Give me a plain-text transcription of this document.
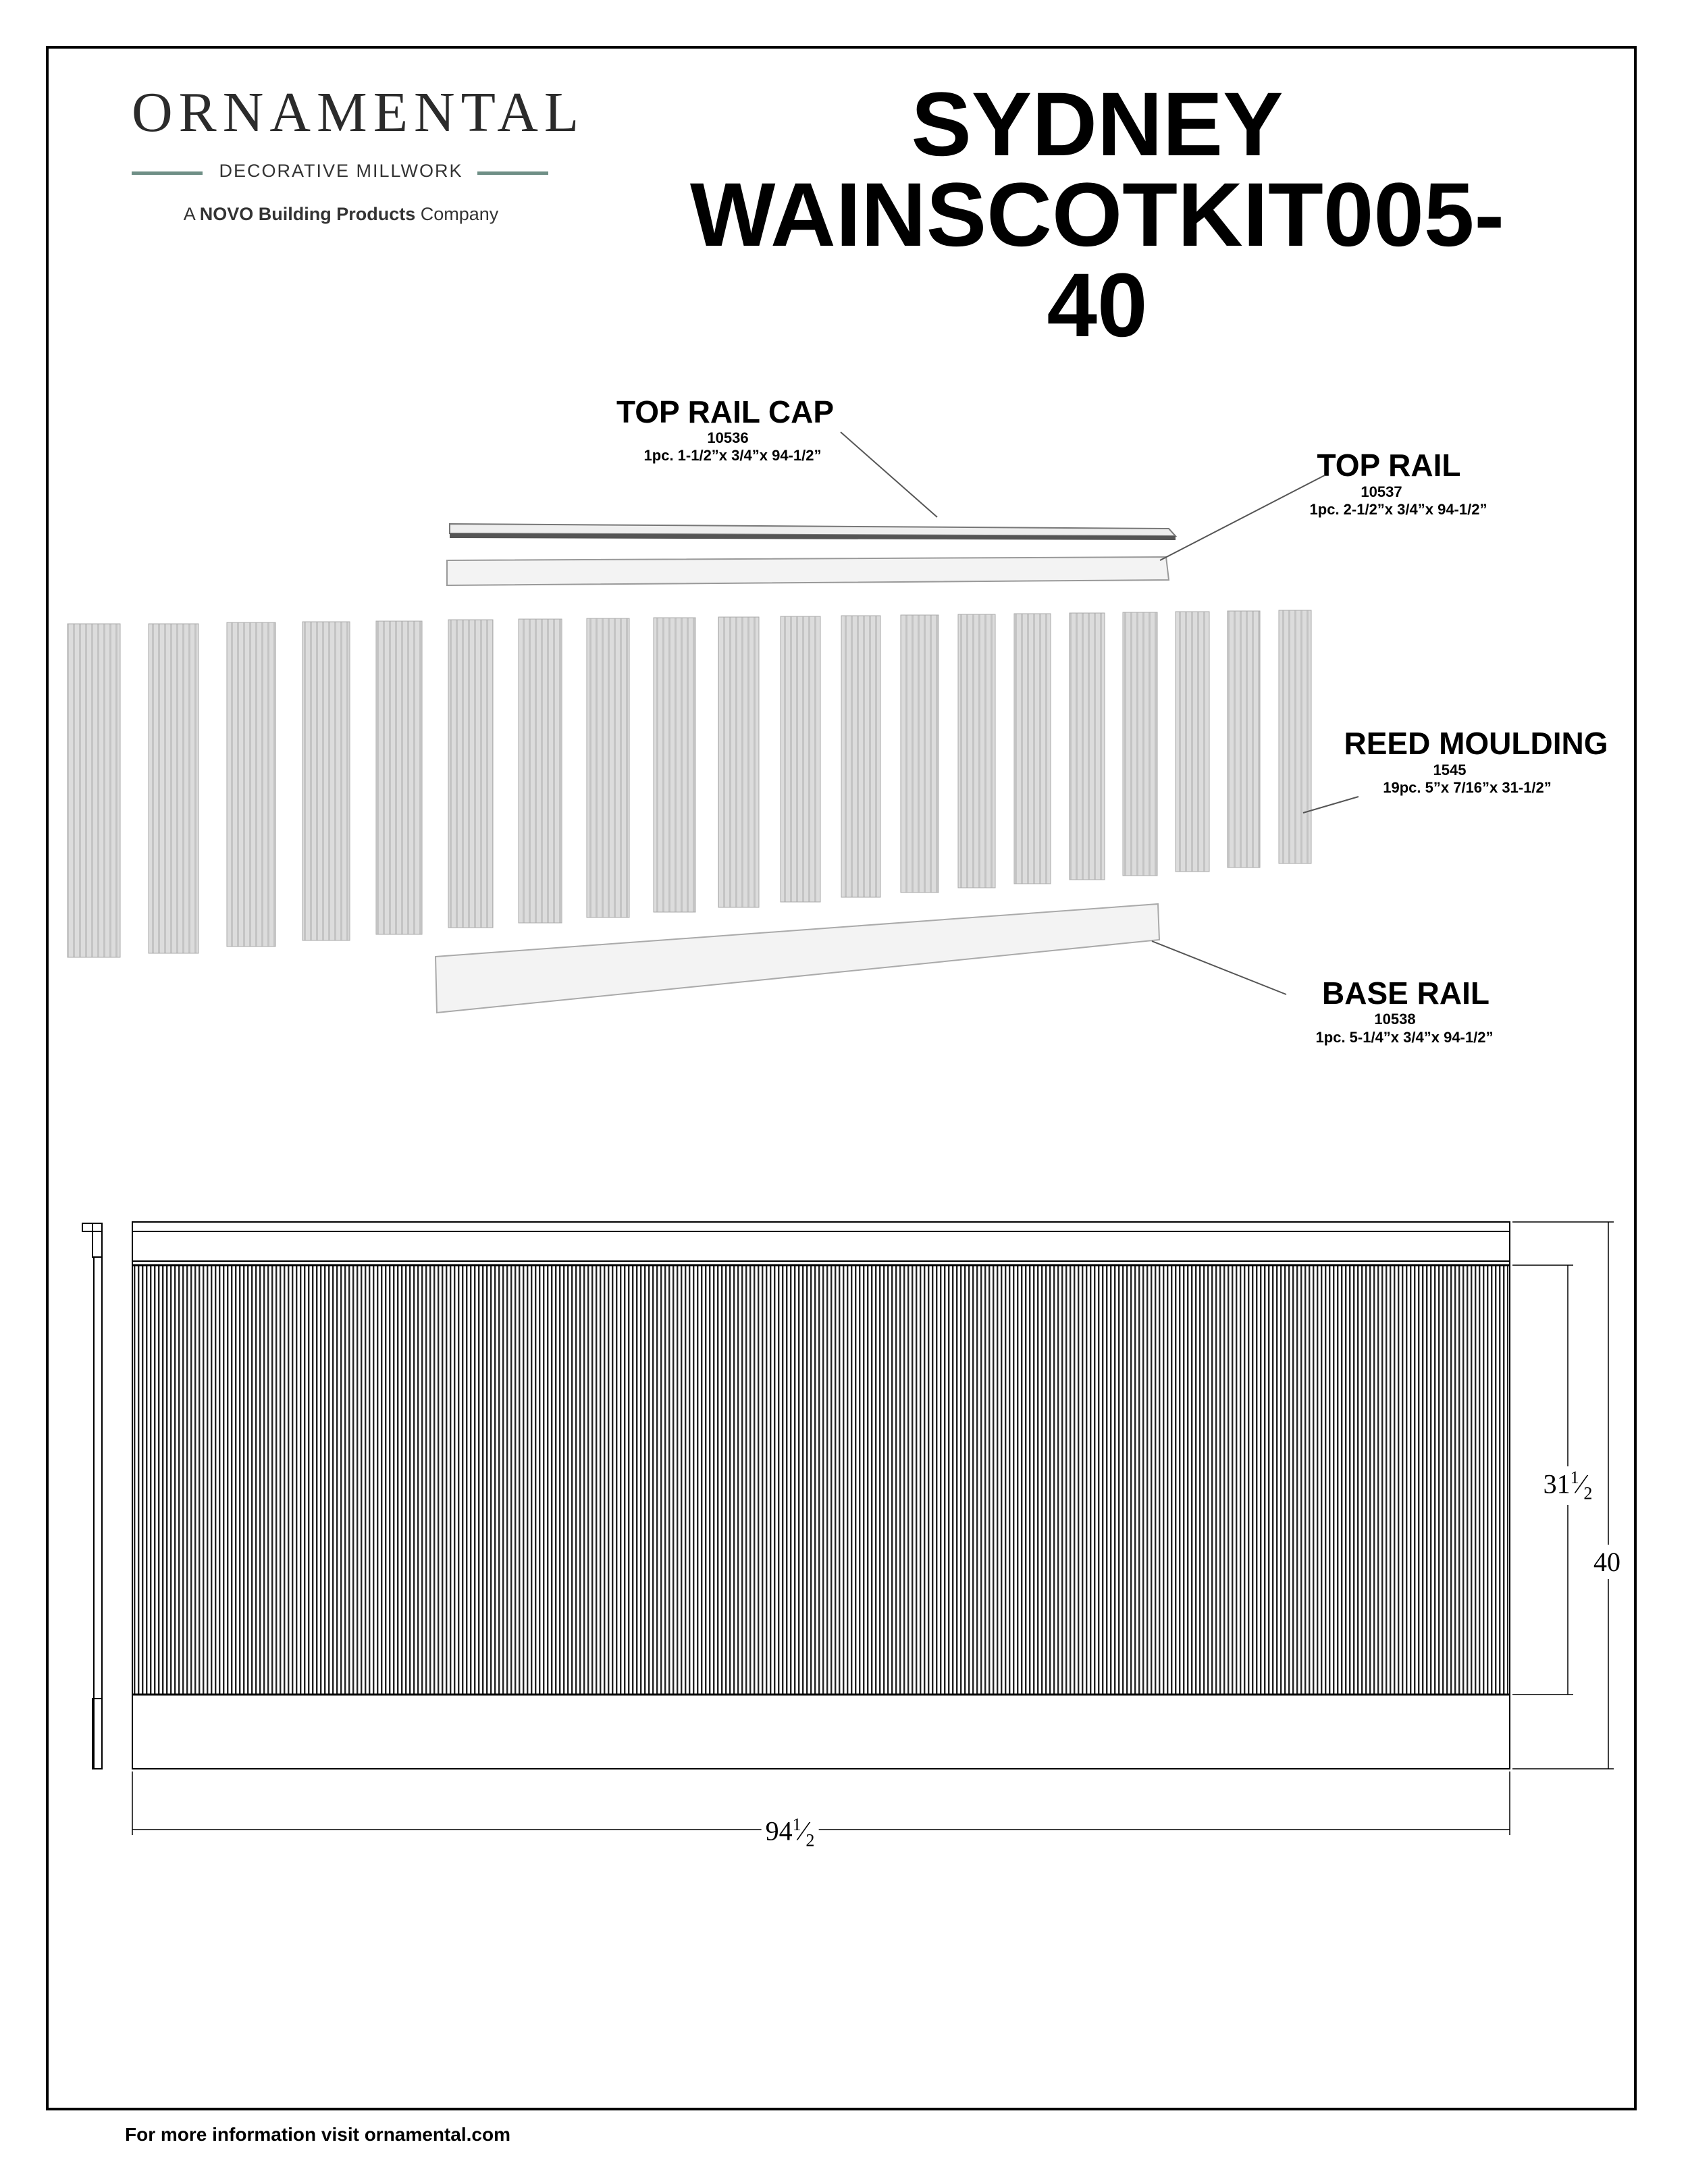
ORNAMENTAL
DECORATIVE MILLWORK
A NOVO Building Products Company
SYDNEY
WAINSCOTKIT005- 40
TOP RAIL CAP
10536
1pc. 1-1/2”x 3/4”x 94-1/2”	TOP RAIL
10537
1pc. 2-1/2”x 3/4”x 94-1/2”
REED MOULDING
1545
19pc. 5”x 7/16”x 31-1/2”
BASE RAIL
10538
1pc. 5-1/4”x 3/4”x 94-1/2”
$94^1⁄_2$
$31^1⁄_2$
40
For more information visit ornamental.com
